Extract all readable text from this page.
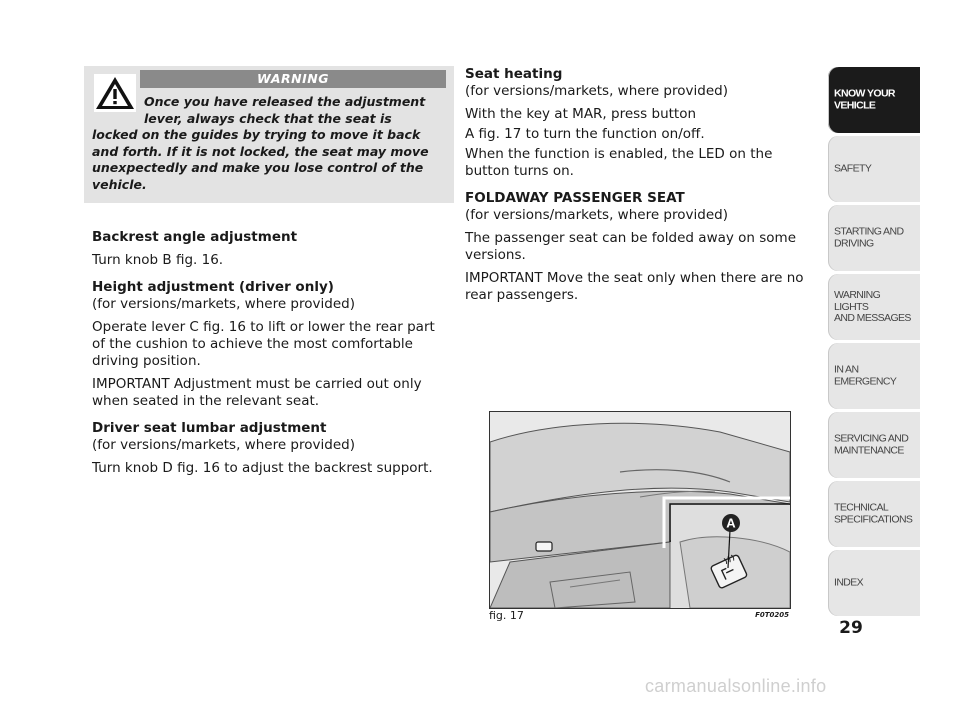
WARNING
Once you have released the adjustment
lever, always check that the seat is
locked on the guides by trying to move it back and forth. If it is not locked, the seat may move unexpectedly and make you lose control of the vehicle.
Backrest angle adjustment

Turn knob B fig. 16.

Height adjustment (driver only)

(for versions/markets, where provided)

Operate lever C fig. 16 to lift or lower the rear part of the cushion to achieve the most comfortable driving position.

IMPORTANT Adjustment must be carried out only when seated in the relevant seat.

Driver seat lumbar adjustment

(for versions/markets, where provided)

Turn knob D fig. 16 to adjust the backrest support.

Seat heating

(for versions/markets, where provided)

With the key at MAR, press button

A fig. 17 to turn the function on/off.

When the function is enabled, the LED on the button turns on.

FOLDAWAY PASSENGER SEAT

(for versions/markets, where provided)

The passenger seat can be folded away on some versions.

IMPORTANT Move the seat only when there are no rear passengers.

A
fig. 17	F0T0205
KNOW YOUR
VEHICLE
SAFETY
STARTING AND
DRIVING
WARNING LIGHTS
AND MESSAGES
IN AN EMERGENCY
SERVICING AND
MAINTENANCE
TECHNICAL
SPECIFICATIONS
INDEX
29
carmanualsonline.info
